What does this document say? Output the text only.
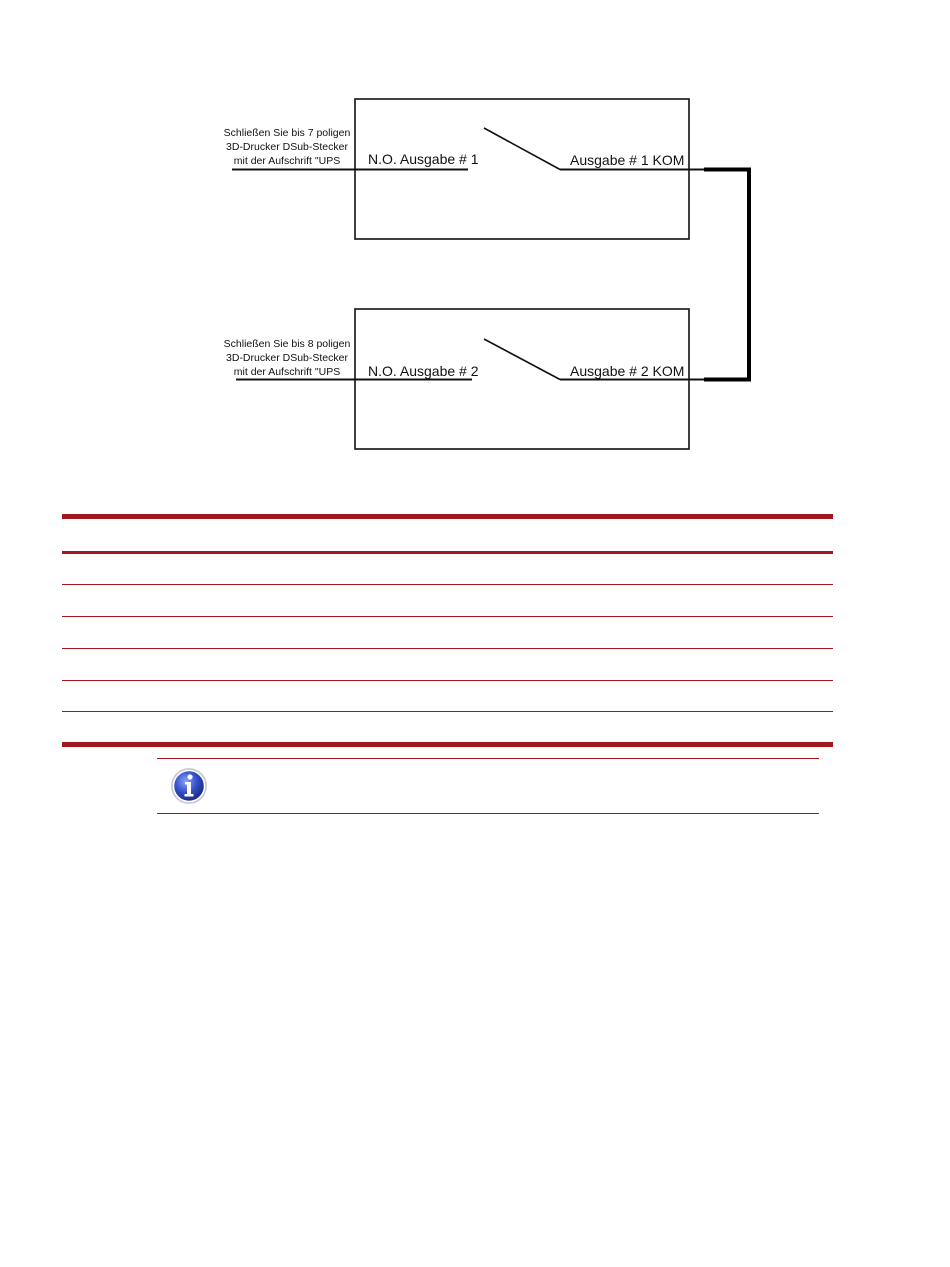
Schließen Sie bis 7 poligen
3D-Drucker DSub-Stecker
mit der Aufschrift "UPS N.O. Ausgabe # 1	Ausgabe # 1 KOM
Schließen Sie bis 8 poligen
3D-Drucker DSub-Stecker
mit der Aufschrift "UPS N.O. Ausgabe # 2	Ausgabe # 2 KOM
